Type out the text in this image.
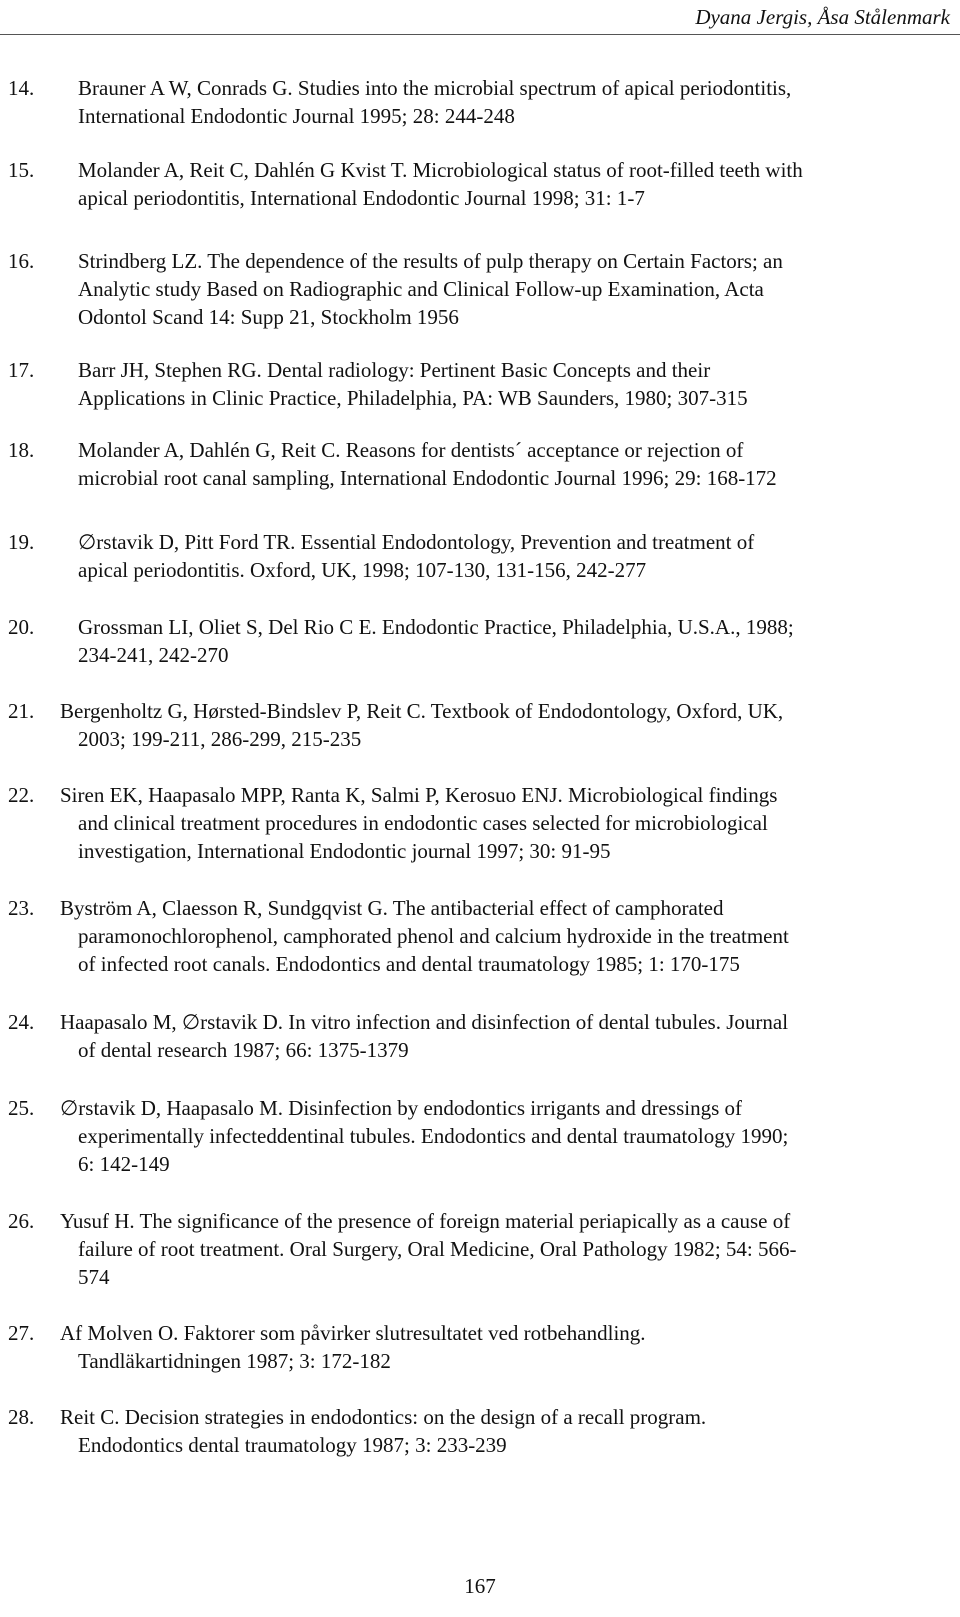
Dyana Jergis, Åsa Stålenmark
14. Brauner A W, Conrads G. Studies into the microbial spectrum of apical periodontitis,
International Endodontic Journal 1995; 28: 244-248
15. Molander A, Reit C, Dahlén G Kvist T. Microbiological status of root-filled teeth with
apical periodontitis, International Endodontic Journal 1998; 31: 1-7
16. Strindberg LZ. The dependence of the results of pulp therapy on Certain Factors; an
Analytic study Based on Radiographic and Clinical Follow-up Examination, Acta
Odontol Scand 14: Supp 21, Stockholm 1956
17. Barr JH, Stephen RG. Dental radiology: Pertinent Basic Concepts and their
Applications in Clinic Practice, Philadelphia, PA: WB Saunders, 1980; 307-315
18. Molander A, Dahlén G, Reit C. Reasons for dentists´ acceptance or rejection of
microbial root canal sampling, International Endodontic Journal 1996; 29: 168-172
19. ∅rstavik D, Pitt Ford TR. Essential Endodontology, Prevention and treatment of
apical periodontitis. Oxford, UK, 1998; 107-130, 131-156, 242-277
20. Grossman LI, Oliet S, Del Rio C E. Endodontic Practice, Philadelphia, U.S.A., 1988;
234-241, 242-270
21. Bergenholtz G, Hørsted-Bindslev P, Reit C. Textbook of Endodontology, Oxford, UK,
2003; 199-211, 286-299, 215-235
22. Siren EK, Haapasalo MPP, Ranta K, Salmi P, Kerosuo ENJ. Microbiological findings
and clinical treatment procedures in endodontic cases selected for microbiological
investigation, International Endodontic journal 1997; 30: 91-95
23. Byström A, Claesson R, Sundgqvist G. The antibacterial effect of camphorated
paramonochlorophenol, camphorated phenol and calcium hydroxide in the treatment
of infected root canals. Endodontics and dental traumatology 1985; 1: 170-175
24. Haapasalo M, ∅rstavik D. In vitro infection and disinfection of dental tubules. Journal
of dental research 1987; 66: 1375-1379
25. ∅rstavik D, Haapasalo M. Disinfection by endodontics irrigants and dressings of
experimentally infecteddentinal tubules. Endodontics and dental traumatology 1990;
6: 142-149
26. Yusuf H. The significance of the presence of foreign material periapically as a cause of
failure of root treatment. Oral Surgery, Oral Medicine, Oral Pathology 1982; 54: 566-
574
27. Af Molven O. Faktorer som påvirker slutresultatet ved rotbehandling.
Tandläkartidningen 1987; 3: 172-182
28. Reit C. Decision strategies in endodontics: on the design of a recall program.
Endodontics dental traumatology 1987; 3: 233-239
167
